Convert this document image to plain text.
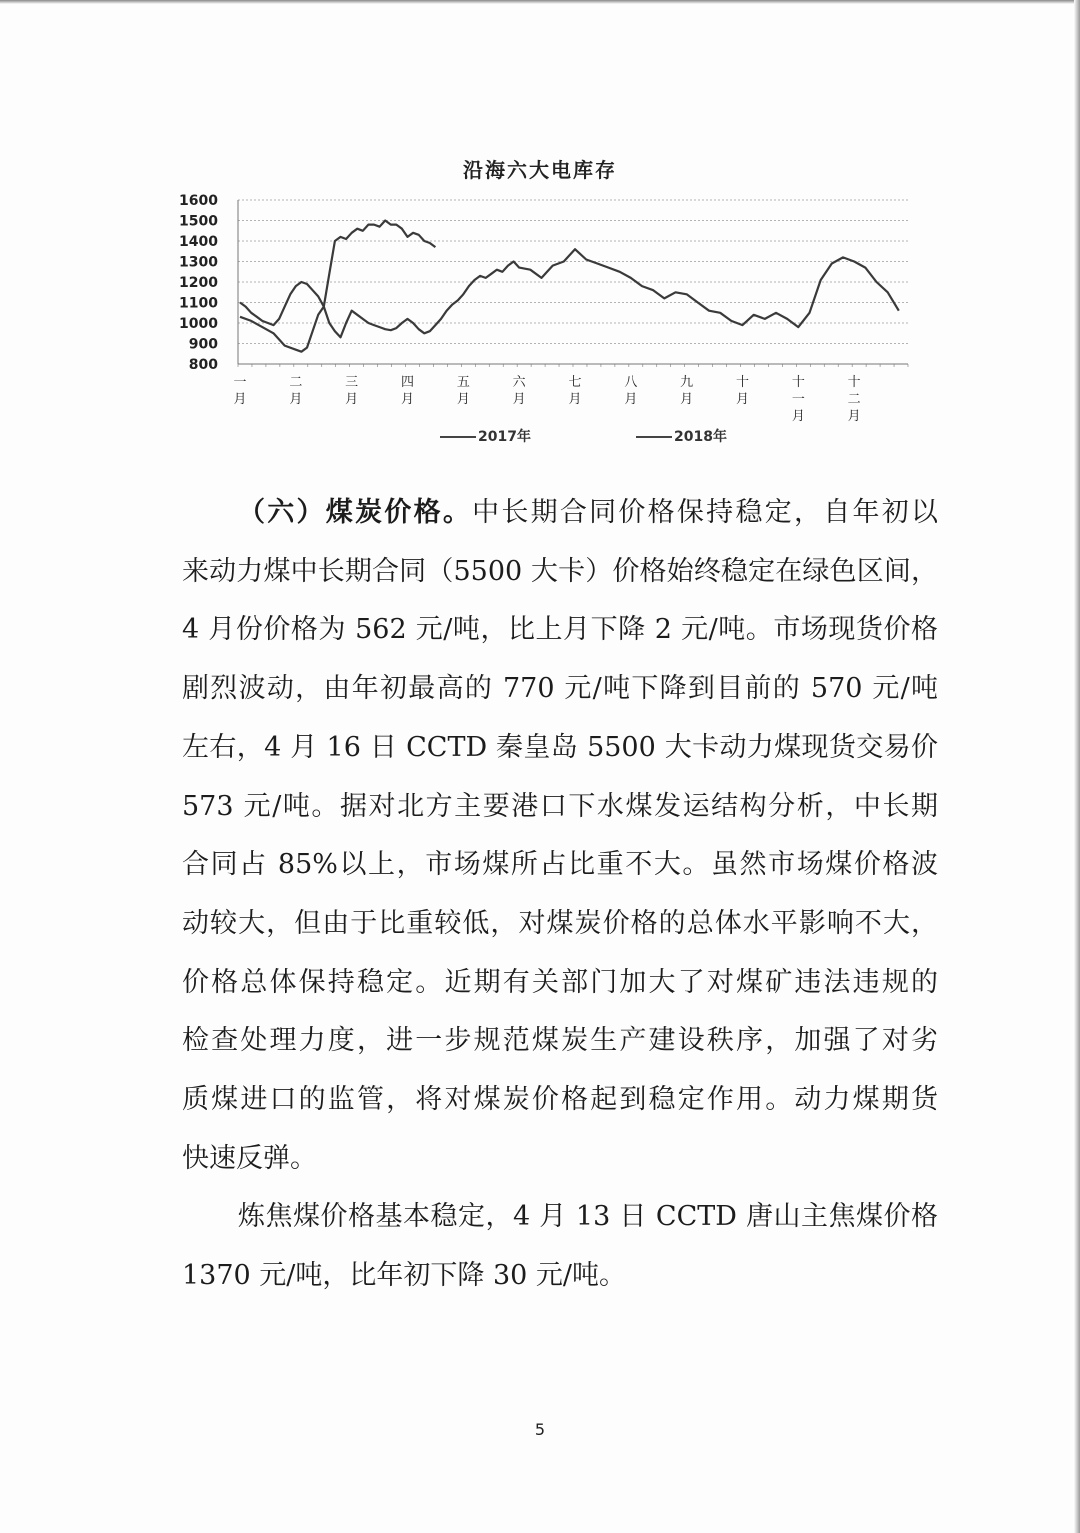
沿海六大电库存
1600
1500
1400
1300
1200
1100
1000
900
800
一
月
二
月
三
月
四
月
五
月
六
月
七
月
八
月
九
月
十
月
十
一
月
十
二
月
2017年	2018年

（六）煤炭价格。中长期合同价格保持稳定，自年初以
来动力煤中长期合同（5500 大卡）价格始终稳定在绿色区间，
4 月份价格为 562 元/吨，比上月下降 2 元/吨。市场现货价格
剧烈波动，由年初最高的 770 元/吨下降到目前的 570 元/吨
左右，4 月 16 日 CCTD 秦皇岛 5500 大卡动力煤现货交易价
573 元/吨。据对北方主要港口下水煤发运结构分析，中长期
合同占 85%以上，市场煤所占比重不大。虽然市场煤价格波
动较大，但由于比重较低，对煤炭价格的总体水平影响不大，
价格总体保持稳定。近期有关部门加大了对煤矿违法违规的
检查处理力度，进一步规范煤炭生产建设秩序，加强了对劣
质煤进口的监管，将对煤炭价格起到稳定作用。动力煤期货
快速反弹。

炼焦煤价格基本稳定，4 月 13 日 CCTD 唐山主焦煤价格
1370 元/吨，比年初下降 30 元/吨。

5
